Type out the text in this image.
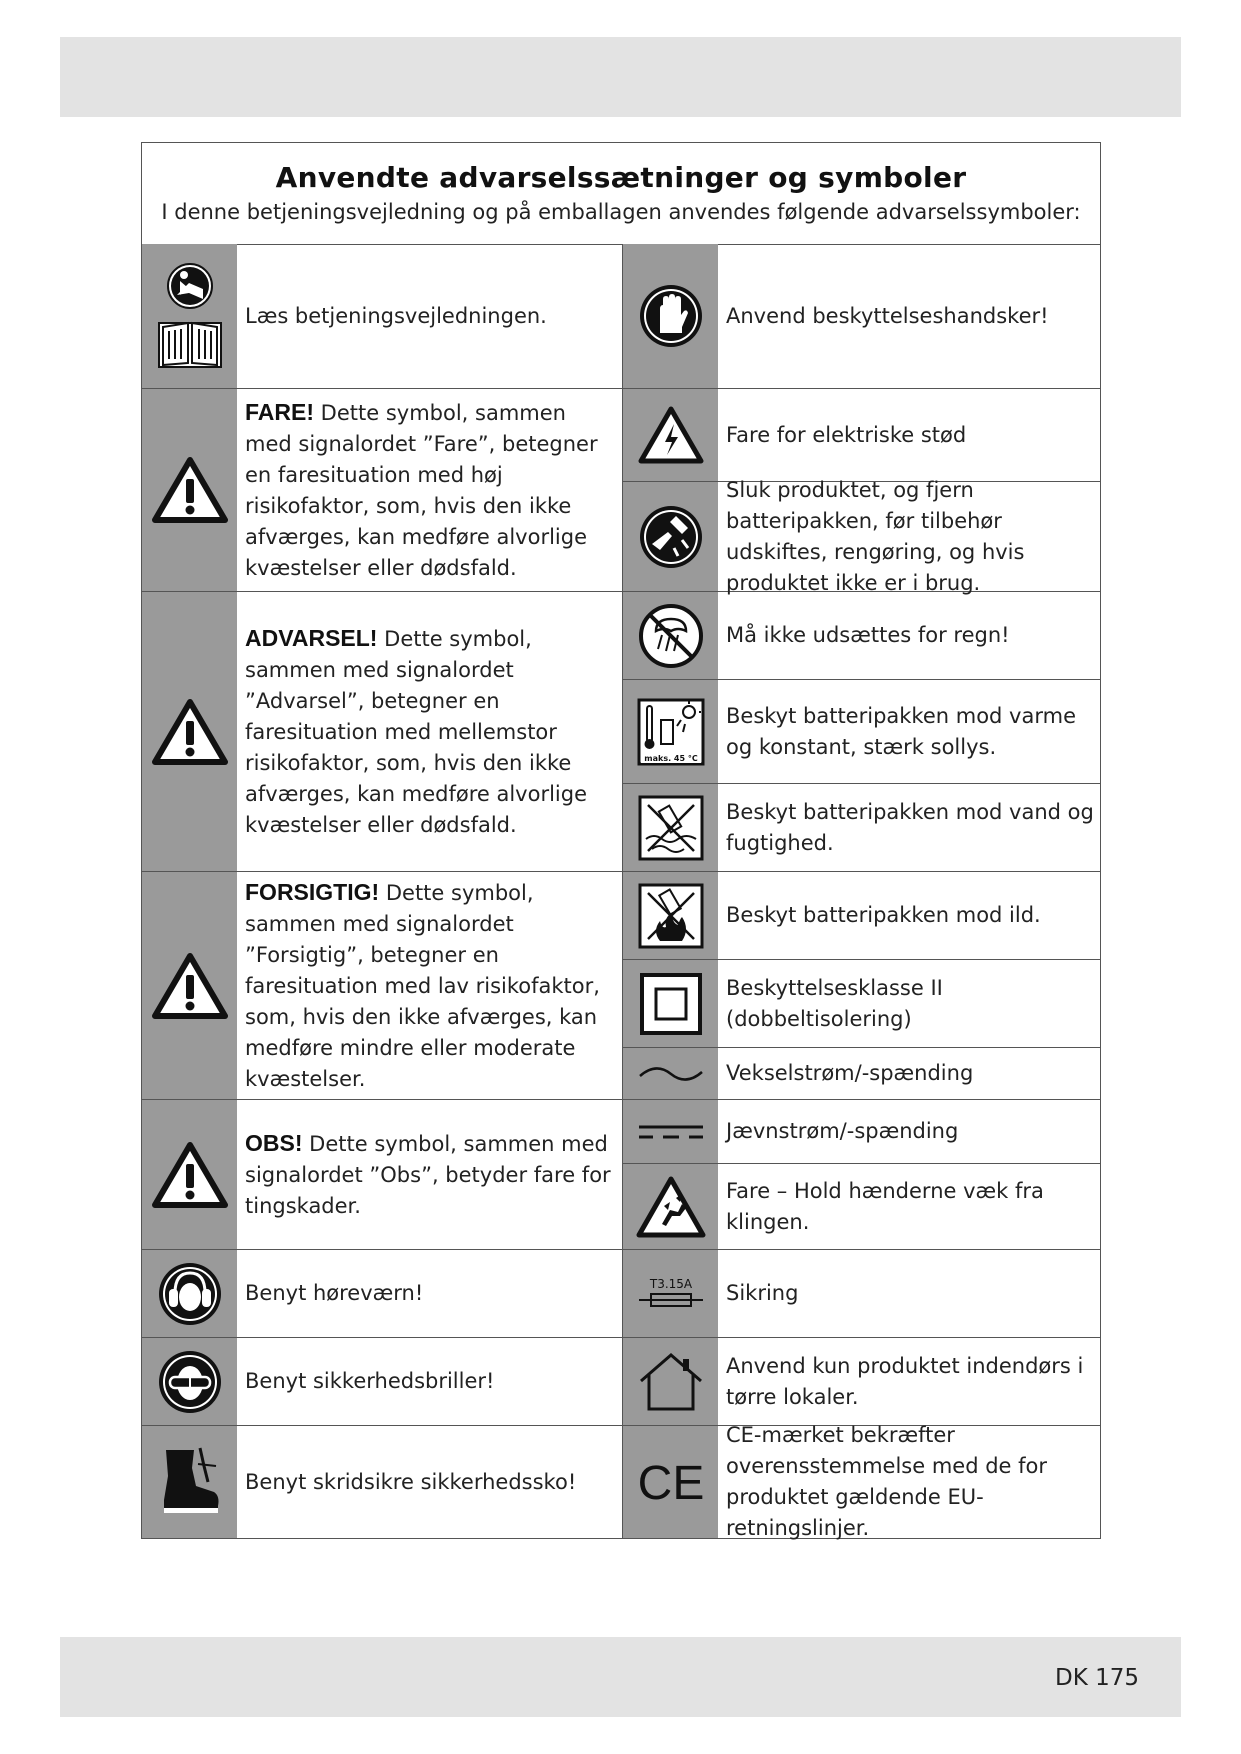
Anvendte advarselssætninger og symboler
I denne betjeningsvejledning og på emballagen anvendes følgende advarselssymboler:
Læs betjeningsvejledningen.
FARE! Dette symbol, sammen med signalordet ”Fare”, betegner en faresituation med høj risikofaktor, som, hvis den ikke afværges, kan medføre alvorlige kvæstelser eller dødsfald.
ADVARSEL! Dette symbol, sammen med signalordet ”Advarsel”, betegner en faresituation med mellemstor risikofaktor, som, hvis den ikke afværges, kan medføre alvorlige kvæstelser eller dødsfald.
FORSIGTIG! Dette symbol, sammen med signalordet ”Forsigtig”, betegner en faresituation med lav risikofaktor, som, hvis den ikke afværges, kan medføre mindre eller moderate kvæstelser.
OBS! Dette symbol, sammen med signalordet ”Obs”, betyder fare for tingskader.
Benyt høreværn!
Benyt sikkerhedsbriller!
Benyt skridsikre sikkerhedssko!
Anvend beskyttelseshandsker!
Fare for elektriske stød
Sluk produktet, og fjern batteripakken, før tilbehør udskiftes, rengøring, og hvis produktet ikke er i brug.
Må ikke udsættes for regn!
maks. 45 °C
Beskyt batteripakken mod varme og konstant, stærk sollys.
Beskyt batteripakken mod vand og fugtighed.
Beskyt batteripakken mod ild.
Beskyttelsesklasse II (dobbeltisolering)
Vekselstrøm/-spænding
Jævnstrøm/-spænding
Fare – Hold hænderne væk fra klingen.
T3.15A Sikring
Anvend kun produktet indendørs i tørre lokaler.
CE
CE-mærket bekræfter overensstemmelse med de for produktet gældende EU-retningslinjer.
DK 175
